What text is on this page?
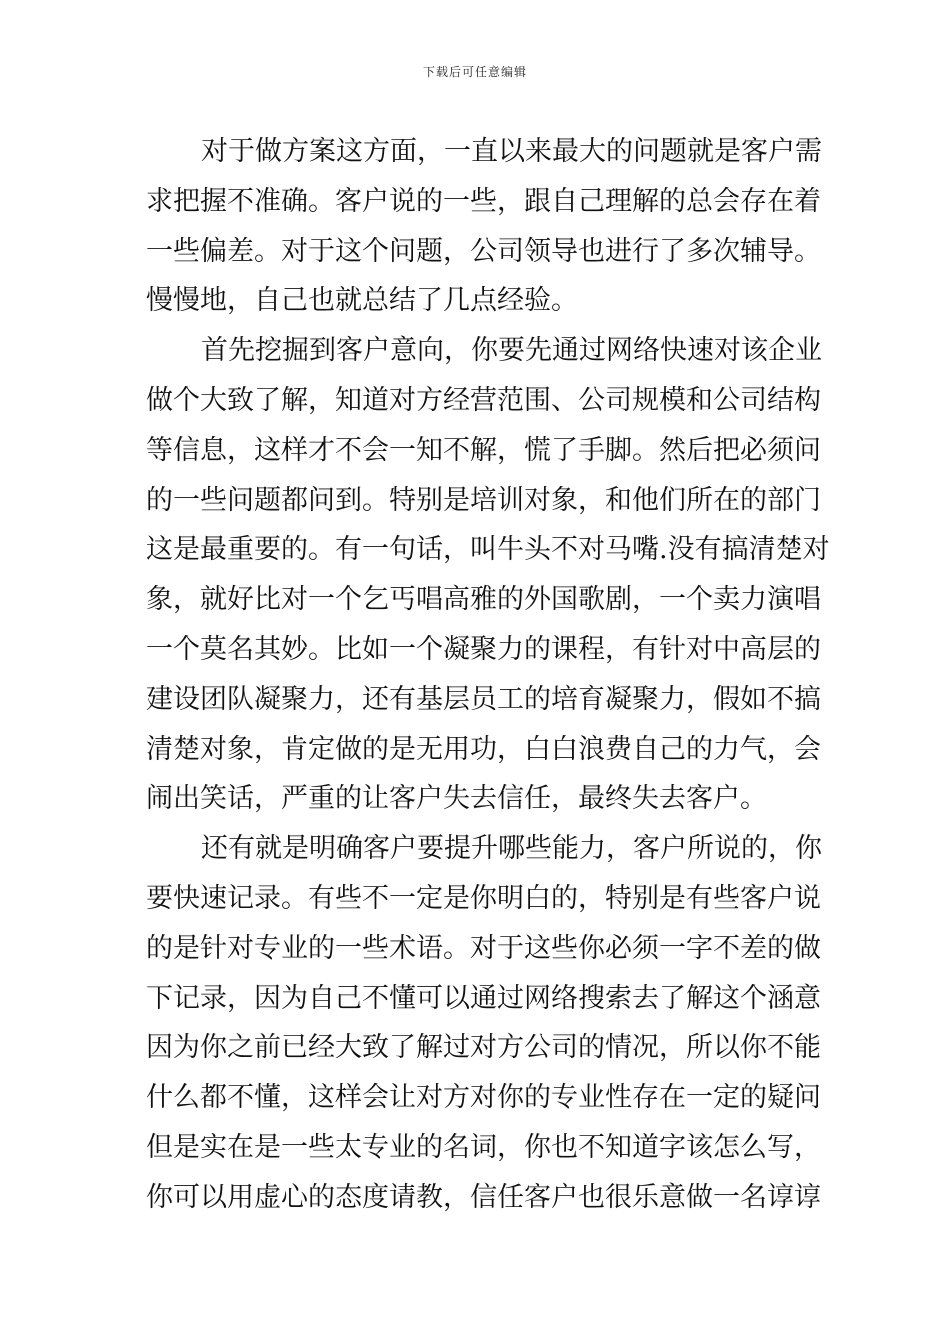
下载后可任意编辑
对于做方案这方面，一直以来最大的问题就是客户需
求把握不准确。客户说的一些，跟自己理解的总会存在着
一些偏差。对于这个问题，公司领导也进行了多次辅导。
慢慢地，自己也就总结了几点经验。
首先挖掘到客户意向，你要先通过网络快速对该企业
做个大致了解，知道对方经营范围、公司规模和公司结构
等信息，这样才不会一知不解，慌了手脚。然后把必须问
的一些问题都问到。特别是培训对象，和他们所在的部门
这是最重要的。有一句话，叫牛头不对马嘴.没有搞清楚对
象，就好比对一个乞丐唱高雅的外国歌剧，一个卖力演唱
一个莫名其妙。比如一个凝聚力的课程，有针对中高层的
建设团队凝聚力，还有基层员工的培育凝聚力，假如不搞
清楚对象，肯定做的是无用功，白白浪费自己的力气，会
闹出笑话，严重的让客户失去信任，最终失去客户。
还有就是明确客户要提升哪些能力，客户所说的，你
要快速记录。有些不一定是你明白的，特别是有些客户说
的是针对专业的一些术语。对于这些你必须一字不差的做
下记录，因为自己不懂可以通过网络搜索去了解这个涵意
因为你之前已经大致了解过对方公司的情况，所以你不能
什么都不懂，这样会让对方对你的专业性存在一定的疑问
但是实在是一些太专业的名词，你也不知道字该怎么写，
你可以用虚心的态度请教，信任客户也很乐意做一名谆谆
